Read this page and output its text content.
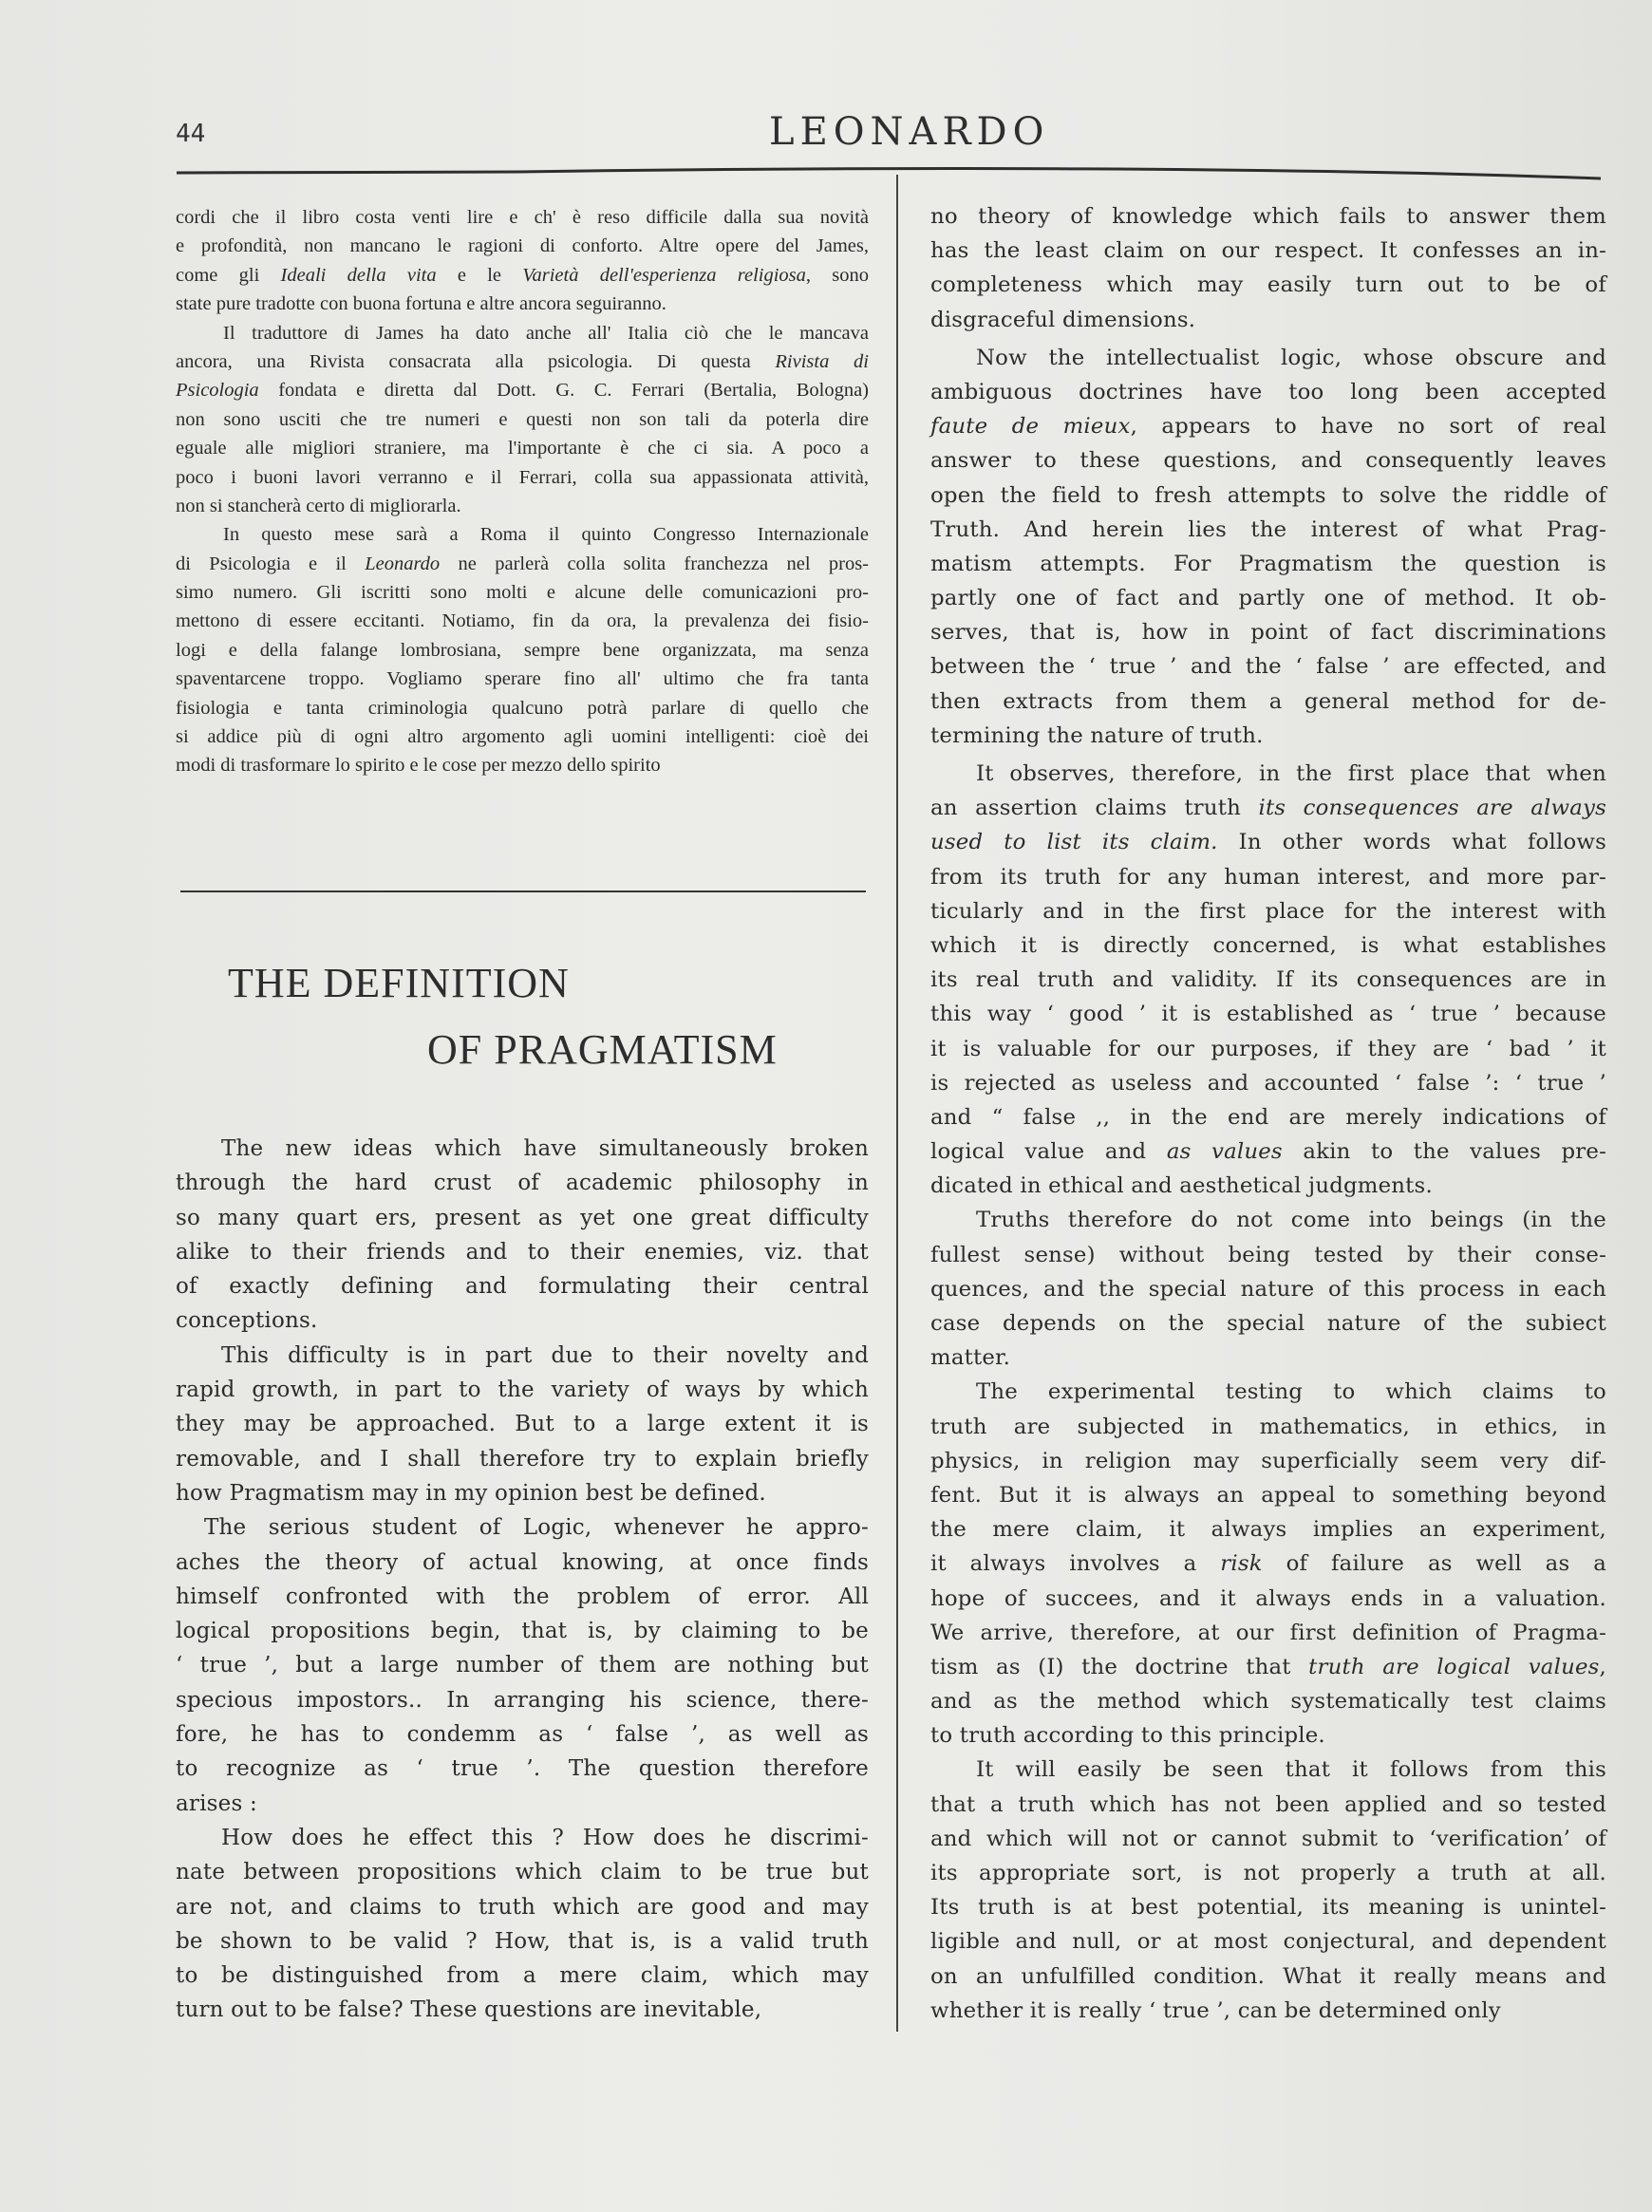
44	LEONARDO
cordi che il libro costa venti lire e ch' è reso difficile dalla sua novità
e profondità, non mancano le ragioni di conforto. Altre opere del James,
come gli Ideali della vita e le Varietà dell'esperienza religiosa, sono
state pure tradotte con buona fortuna e altre ancora seguiranno.
Il traduttore di James ha dato anche all' Italia ciò che le mancava
ancora, una Rivista consacrata alla psicologia. Di questa Rivista di
Psicologia fondata e diretta dal Dott. G. C. Ferrari (Bertalia, Bologna)
non sono usciti che tre numeri e questi non son tali da poterla dire
eguale alle migliori straniere, ma l'importante è che ci sia. A poco a
poco i buoni lavori verranno e il Ferrari, colla sua appassionata attività,
non si stancherà certo di migliorarla.
In questo mese sarà a Roma il quinto Congresso Internazionale
di Psicologia e il Leonardo ne parlerà colla solita franchezza nel pros-
simo numero. Gli iscritti sono molti e alcune delle comunicazioni pro-
mettono di essere eccitanti. Notiamo, fin da ora, la prevalenza dei fisio-
logi e della falange lombrosiana, sempre bene organizzata, ma senza
spaventarcene troppo. Vogliamo sperare fino all' ultimo che fra tanta
fisiologia e tanta criminologia qualcuno potrà parlare di quello che
si addice più di ogni altro argomento agli uomini intelligenti: cioè dei
modi di trasformare lo spirito e le cose per mezzo dello spirito
THE DEFINITION
OF PRAGMATISM
The new ideas which have simultaneously broken
through the hard crust of academic philosophy in
so many quart ers, present as yet one great difficulty
alike to their friends and to their enemies, viz. that
of exactly defining and formulating their central
conceptions.
This difficulty is in part due to their novelty and
rapid growth, in part to the variety of ways by which
they may be approached. But to a large extent it is
removable, and I shall therefore try to explain briefly
how Pragmatism may in my opinion best be defined.
The serious student of Logic, whenever he appro-
aches the theory of actual knowing, at once finds
himself confronted with the problem of error. All
logical propositions begin, that is, by claiming to be
‘ true ’, but a large number of them are nothing but
specious impostors.. In arranging his science, there-
fore, he has to condemm as ‘ false ’, as well as
to recognize as ‘ true ’. The question therefore
arises :
How does he effect this ? How does he discrimi-
nate between propositions which claim to be true but
are not, and claims to truth which are good and may
be shown to be valid ? How, that is, is a valid truth
to be distinguished from a mere claim, which may
turn out to be false? These questions are inevitable,
no theory of knowledge which fails to answer them
has the least claim on our respect. It confesses an in-
completeness which may easily turn out to be of
disgraceful dimensions.
Now the intellectualist logic, whose obscure and
ambiguous doctrines have too long been accepted
faute de mieux, appears to have no sort of real
answer to these questions, and consequently leaves
open the field to fresh attempts to solve the riddle of
Truth. And herein lies the interest of what Prag-
matism attempts. For Pragmatism the question is
partly one of fact and partly one of method. It ob-
serves, that is, how in point of fact discriminations
between the ‘ true ’ and the ‘ false ’ are effected, and
then extracts from them a general method for de-
termining the nature of truth.
It observes, therefore, in the first place that when
an assertion claims truth its consequences are always
used to list its claim. In other words what follows
from its truth for any human interest, and more par-
ticularly and in the first place for the interest with
which it is directly concerned, is what establishes
its real truth and validity. If its consequences are in
this way ‘ good ’ it is established as ‘ true ’ because
it is valuable for our purposes, if they are ‘ bad ’ it
is rejected as useless and accounted ‘ false ’: ‘ true ’
and “ false ,, in the end are merely indications of
logical value and as values akin to the values pre-
dicated in ethical and aesthetical judgments.
Truths therefore do not come into beings (in the
fullest sense) without being tested by their conse-
quences, and the special nature of this process in each
case depends on the special nature of the subiect
matter.
The experimental testing to which claims to
truth are subjected in mathematics, in ethics, in
physics, in religion may superficially seem very dif-
fent. But it is always an appeal to something beyond
the mere claim, it always implies an experiment,
it always involves a risk of failure as well as a
hope of succees, and it always ends in a valuation.
We arrive, therefore, at our first definition of Pragma-
tism as (I) the doctrine that truth are logical values,
and as the method which systematically test claims
to truth according to this principle.
It will easily be seen that it follows from this
that a truth which has not been applied and so tested
and which will not or cannot submit to ‘verification’ of
its appropriate sort, is not properly a truth at all.
Its truth is at best potential, its meaning is unintel-
ligible and null, or at most conjectural, and dependent
on an unfulfilled condition. What it really means and
whether it is really ‘ true ’, can be determined only
